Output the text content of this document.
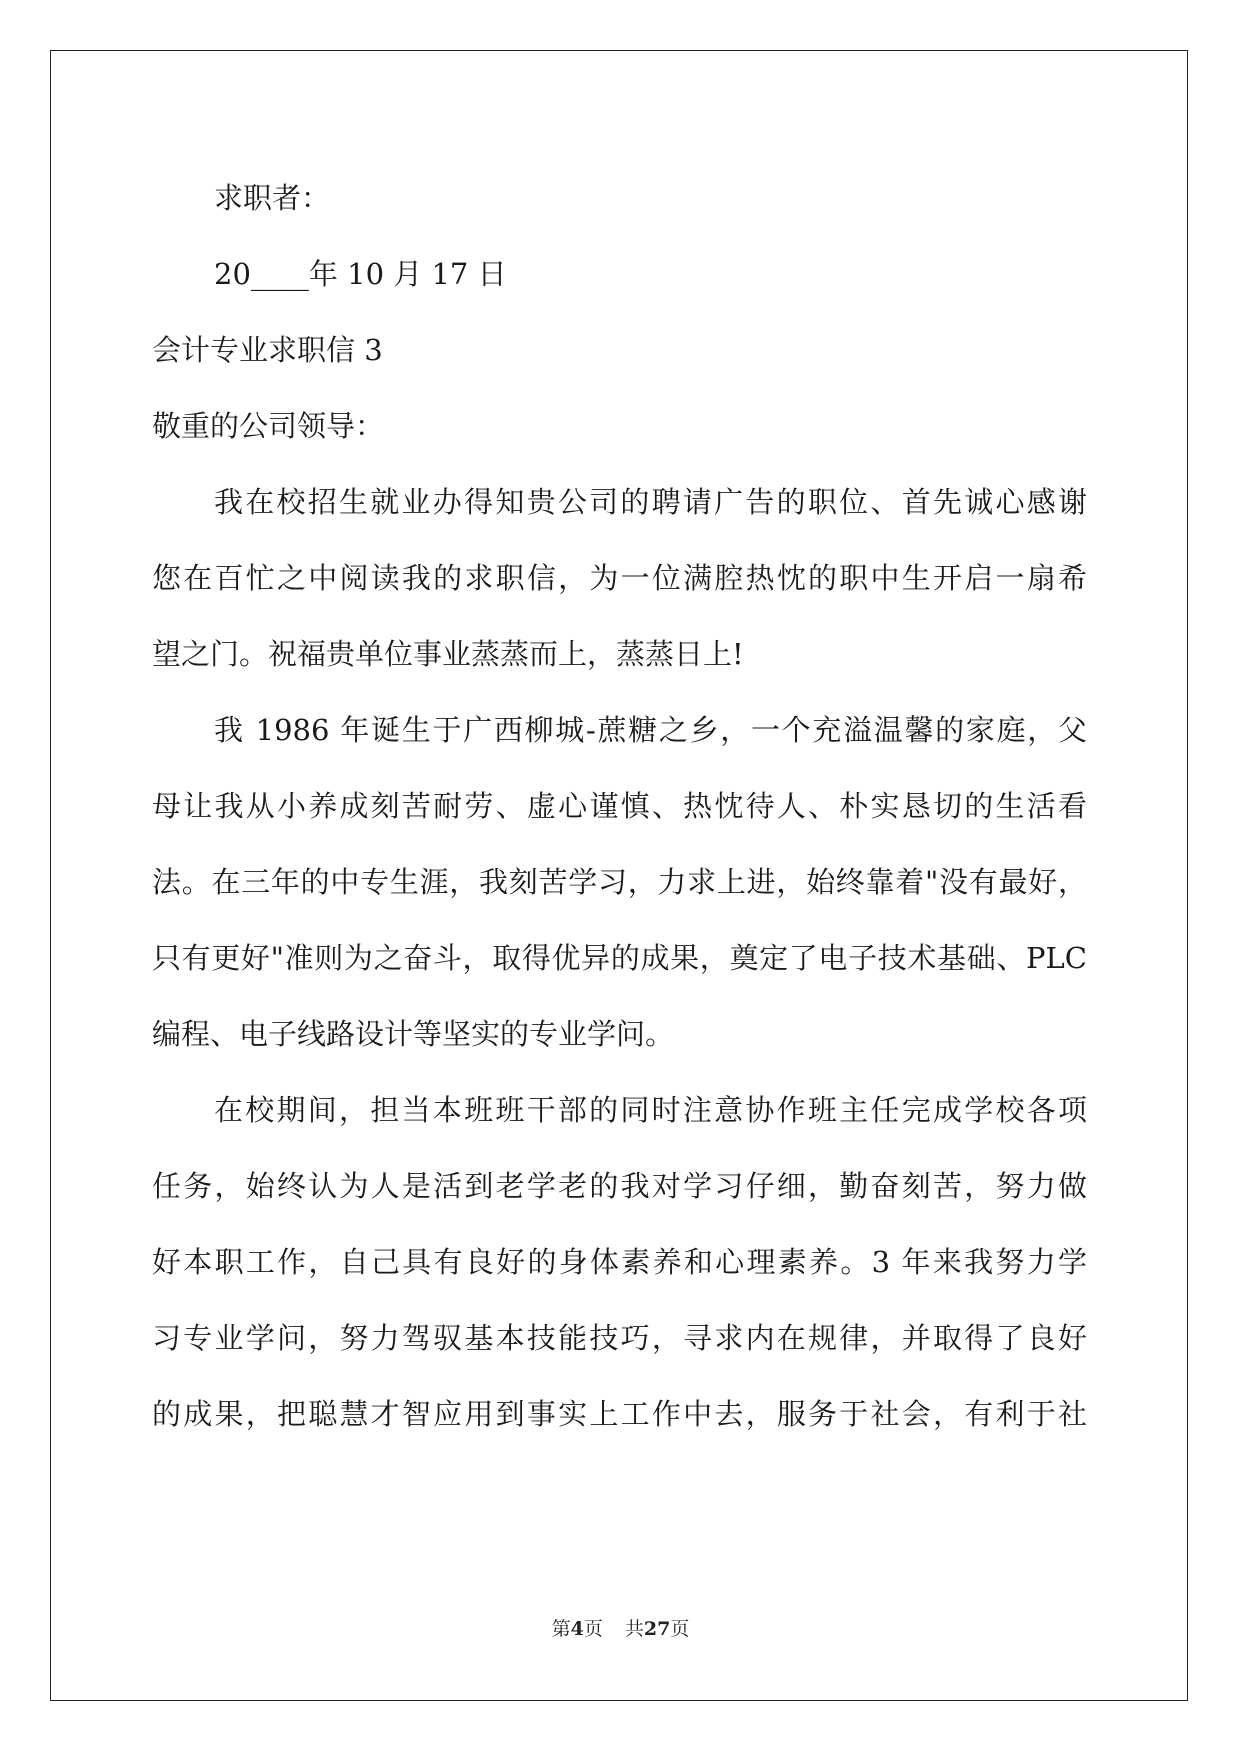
求职者：
20____年 10 月 17 日
会计专业求职信 3
敬重的公司领导：
我在校招生就业办得知贵公司的聘请广告的职位、首先诚心感谢
您在百忙之中阅读我的求职信，为一位满腔热忱的职中生开启一扇希
望之门。祝福贵单位事业蒸蒸而上，蒸蒸日上!
我 1986 年诞生于广西柳城-蔗糖之乡，一个充溢温馨的家庭，父
母让我从小养成刻苦耐劳、虚心谨慎、热忱待人、朴实恳切的生活看
法。在三年的中专生涯，我刻苦学习，力求上进，始终靠着"没有最好，
只有更好"准则为之奋斗，取得优异的成果，奠定了电子技术基础、PLC
编程、电子线路设计等坚实的专业学问。
在校期间，担当本班班干部的同时注意协作班主任完成学校各项
任务，始终认为人是活到老学老的我对学习仔细，勤奋刻苦，努力做
好本职工作，自己具有良好的身体素养和心理素养。3 年来我努力学
习专业学问，努力驾驭基本技能技巧，寻求内在规律，并取得了良好
的成果，把聪慧才智应用到事实上工作中去，服务于社会，有利于社
第4页 共27页
